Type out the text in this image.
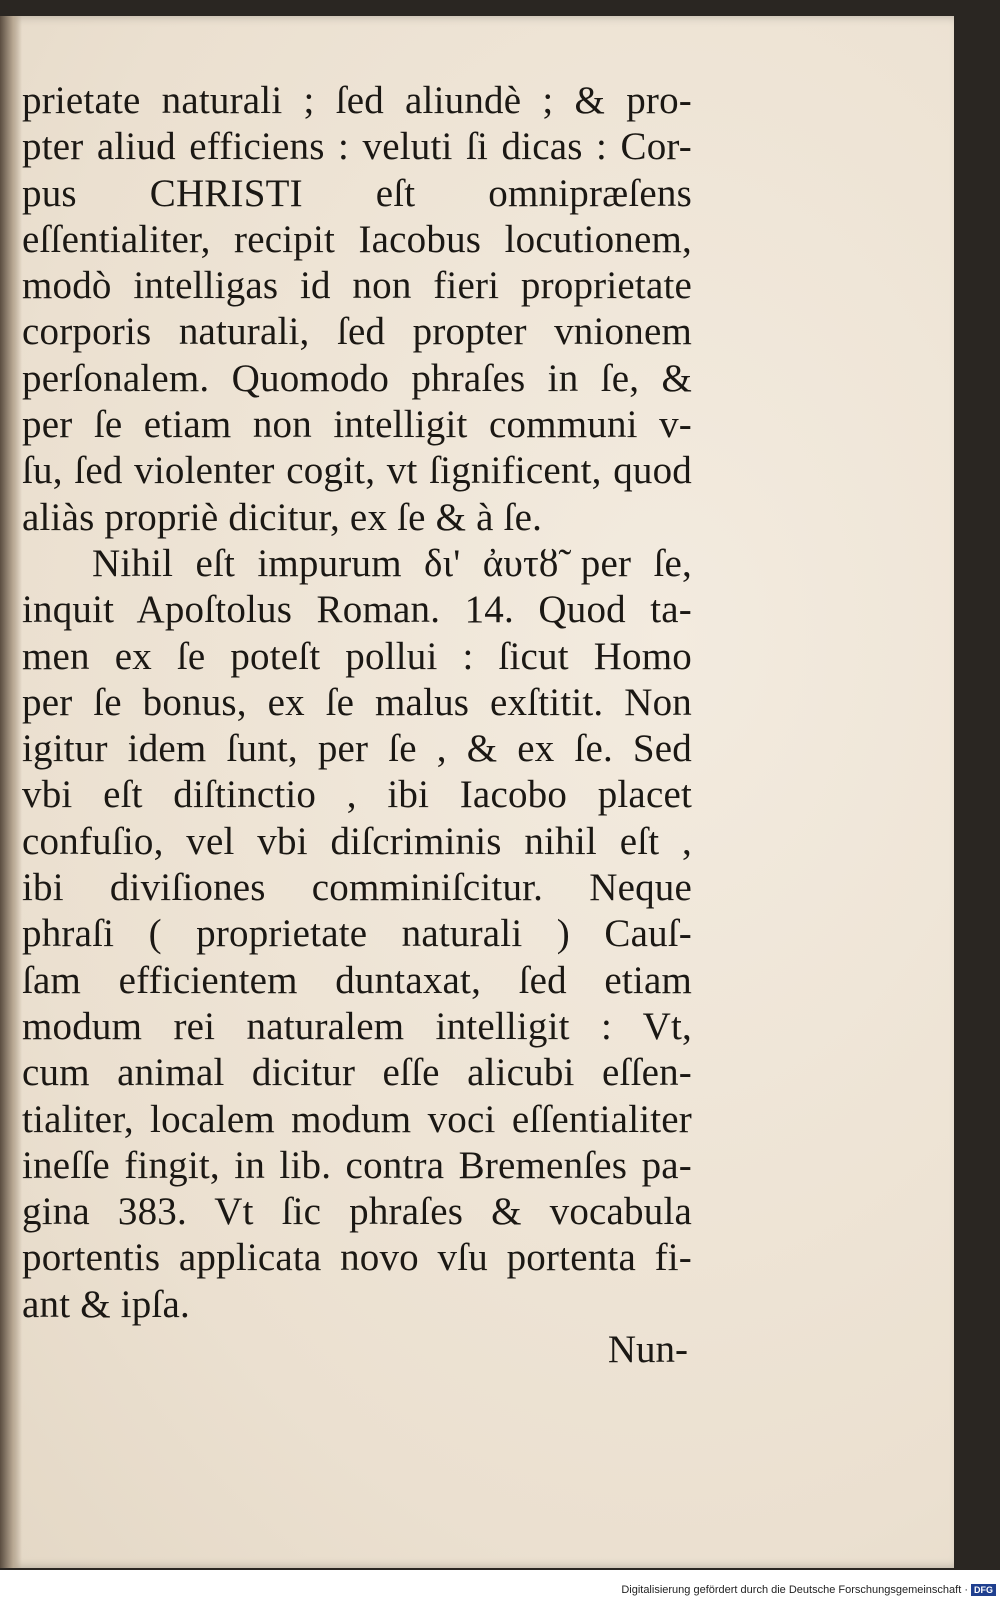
prietate naturali ; ſed aliundè ; & pro-
pter aliud efficiens : veluti ſi dicas : Cor-
pus CHRISTI eſt omnipræſens
eſſentialiter, recipit Iacobus locutionem,
modò intelligas id non fieri proprietate
corporis naturali, ſed propter vnionem
perſonalem. Quomodo phraſes in ſe, &
per ſe etiam non intelligit communi v-
ſu, ſed violenter cogit, vt ſignificent, quod
aliàs propriè dicitur, ex ſe & à ſe.
Nihil eſt impurum δι' ἀυτȣ̃ per ſe,
inquit Apoſtolus Roman. 14. Quod ta-
men ex ſe poteſt pollui : ſicut Homo
per ſe bonus, ex ſe malus exſtitit. Non
igitur idem ſunt, per ſe , & ex ſe. Sed
vbi eſt diſtinctio , ibi Iacobo placet
confuſio, vel vbi diſcriminis nihil eſt ,
ibi diviſiones comminiſcitur. Neque
phraſi ( proprietate naturali ) Cauſ-
ſam efficientem duntaxat, ſed etiam
modum rei naturalem intelligit : Vt,
cum animal dicitur eſſe alicubi eſſen-
tialiter, localem modum voci eſſentialiter
ineſſe fingit, in lib. contra Bremenſes pa-
gina 383. Vt ſic phraſes & vocabula
portentis applicata novo vſu portenta fi-
ant & ipſa.
Nun-
Digitalisierung gefördert durch die Deutsche Forschungsgemeinschaft · DFG
